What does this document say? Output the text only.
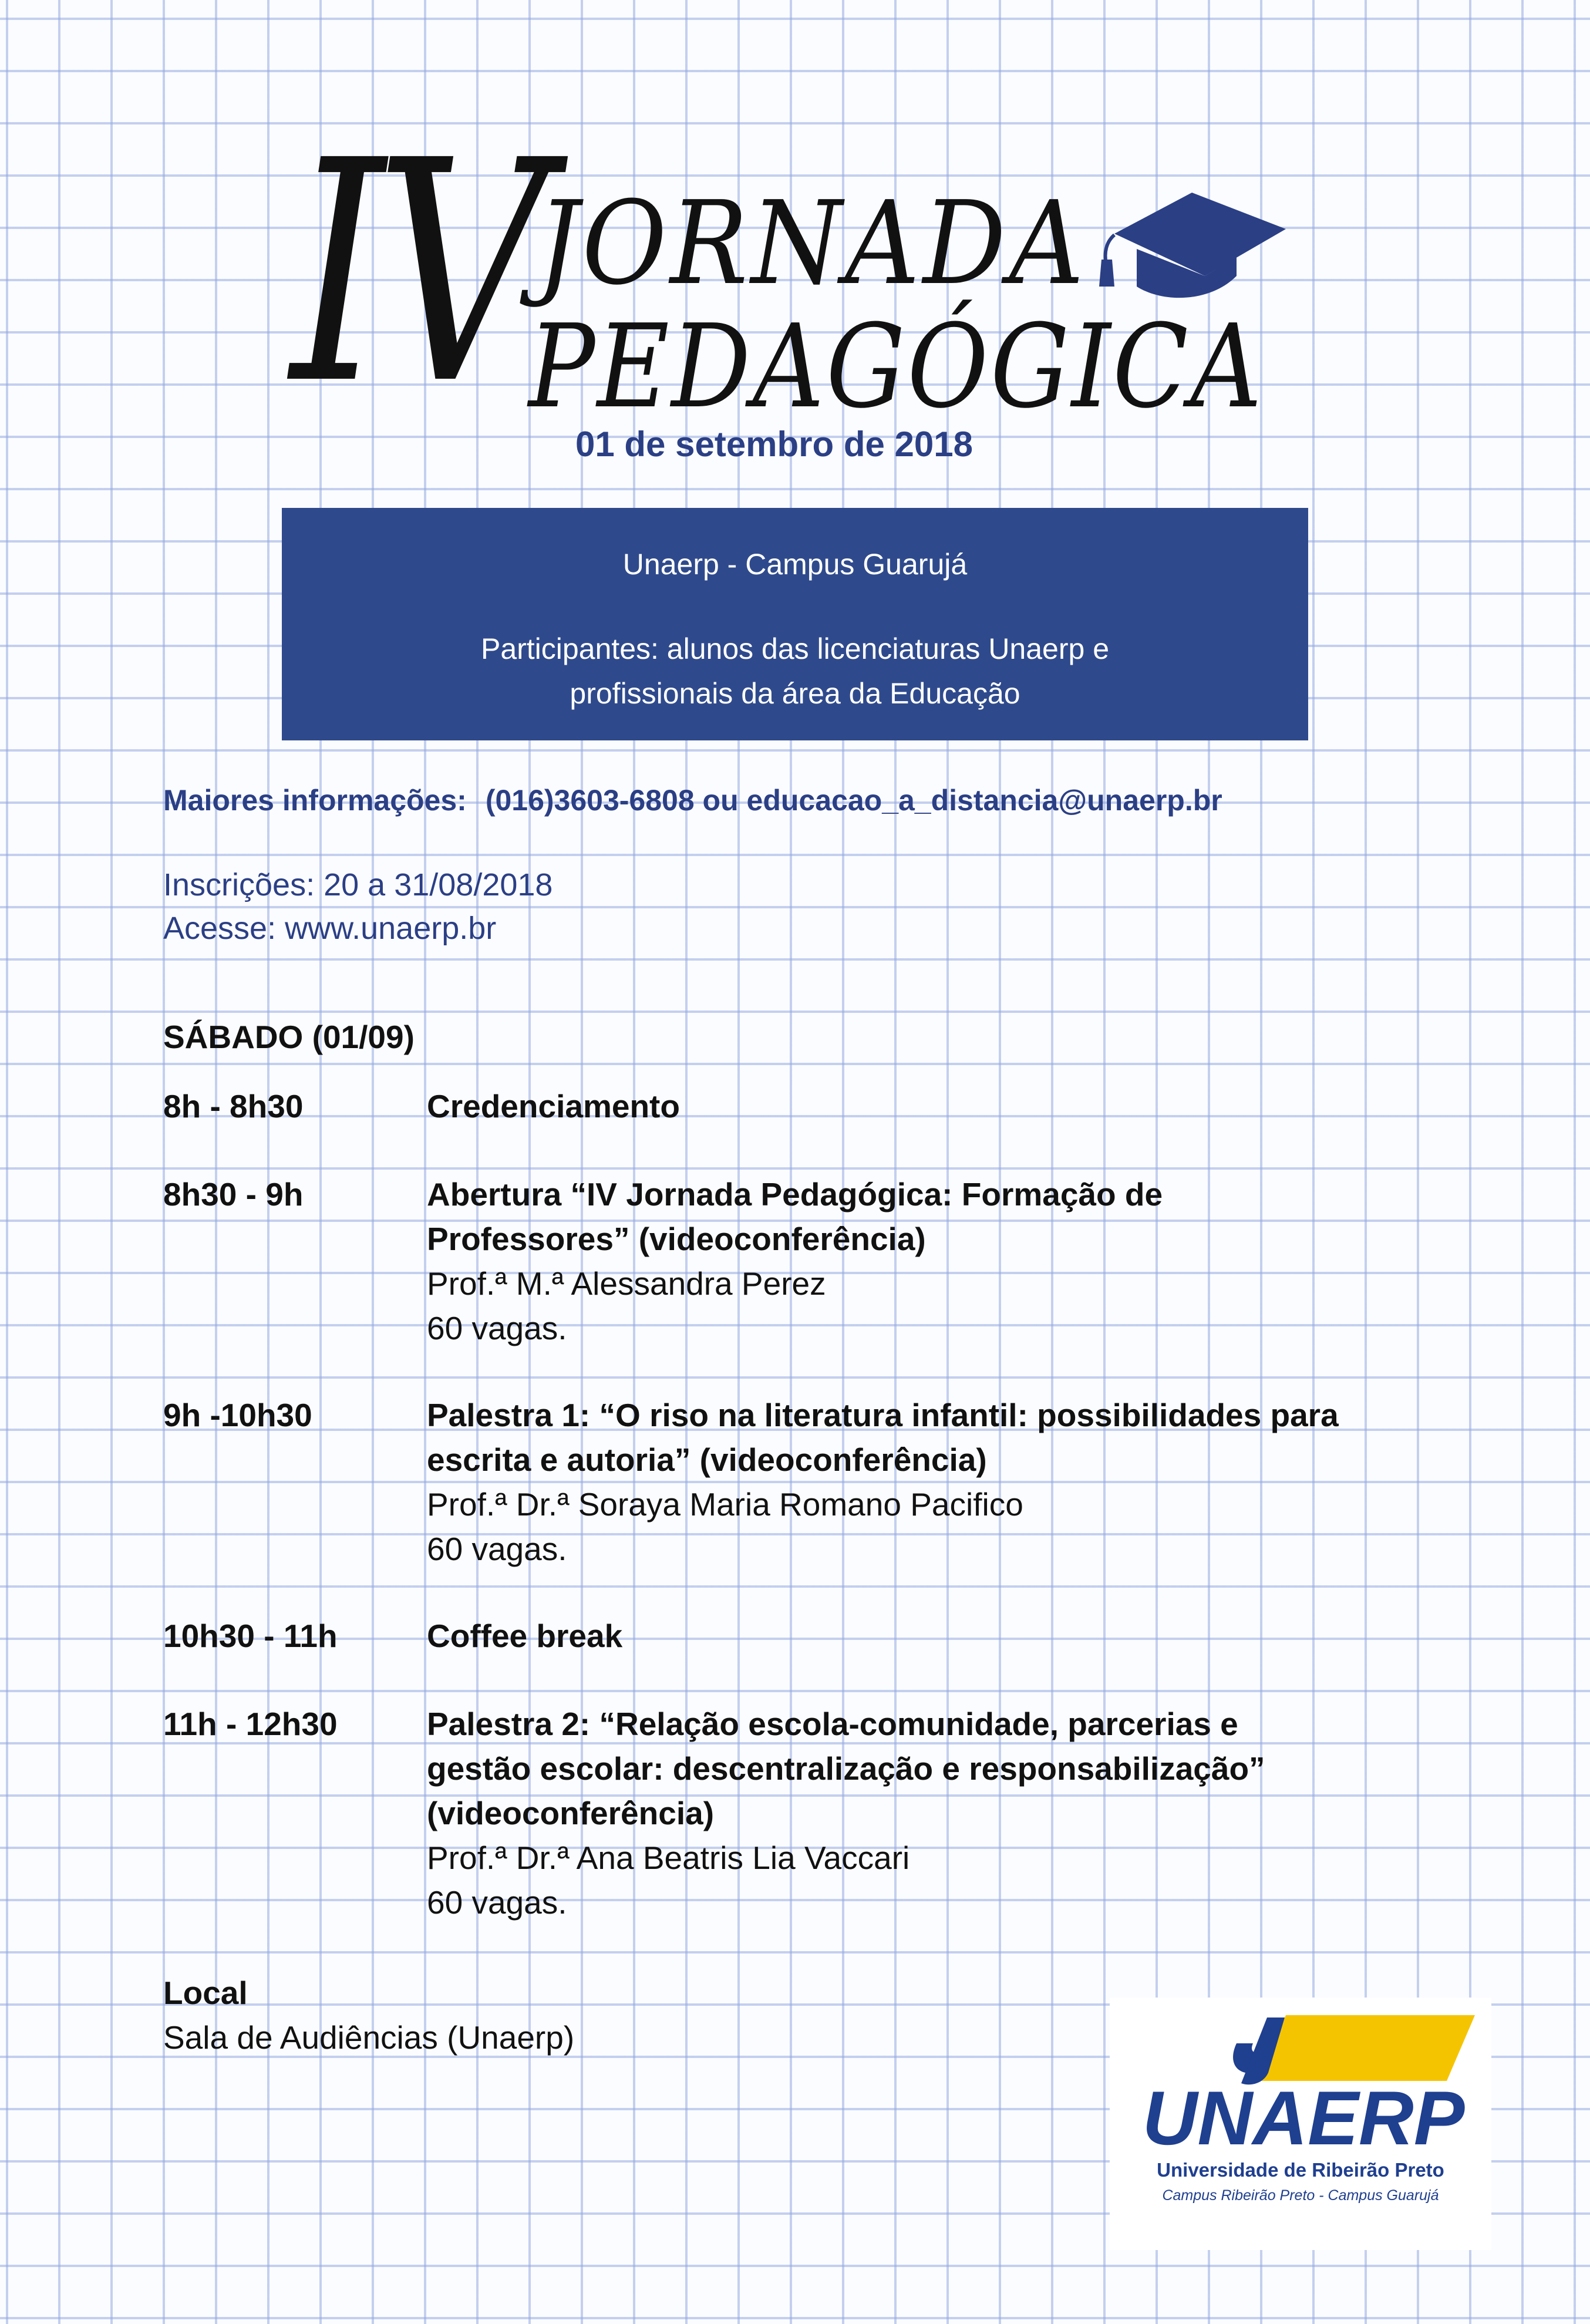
IV
JORNADA
PEDAGÓGICA
01 de setembro de 2018
Unaerp - Campus Guarujá
Participantes: alunos das licenciaturas Unaerp e
profissionais da área da Educação
Maiores informações: (016)3603-6808 ou educacao_a_distancia@unaerp.br
Inscrições: 20 a 31/08/2018
Acesse: www.unaerp.br
SÁBADO (01/09)
8h - 8h30	Credenciamento
8h30 - 9h	Abertura “IV Jornada Pedagógica: Formação de
Professores” (videoconferência)
Prof.ª M.ª Alessandra Perez
60 vagas.
9h -10h30	Palestra 1: “O riso na literatura infantil: possibilidades para
escrita e autoria” (videoconferência)
Prof.ª Dr.ª Soraya Maria Romano Pacifico
60 vagas.
10h30 - 11h	Coffee break
11h - 12h30	Palestra 2: “Relação escola-comunidade, parcerias e
gestão escolar: descentralização e responsabilização”
(videoconferência)
Prof.ª Dr.ª Ana Beatris Lia Vaccari
60 vagas.
Local
Sala de Audiências (Unaerp)
UNAERP
Universidade de Ribeirão Preto
Campus Ribeirão Preto - Campus Guarujá
